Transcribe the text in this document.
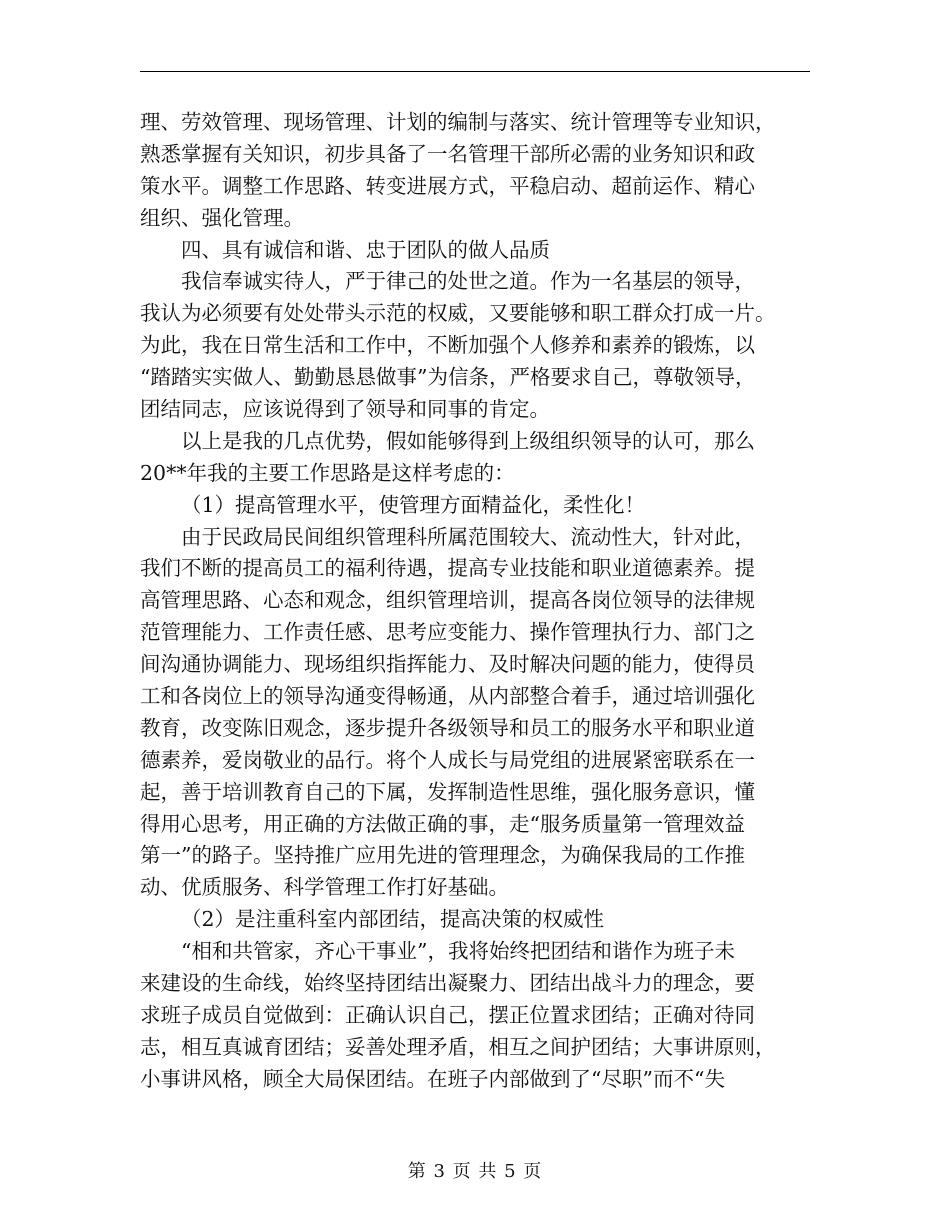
理、劳效管理、现场管理、计划的编制与落实、统计管理等专业知识，
熟悉掌握有关知识，初步具备了一名管理干部所必需的业务知识和政
策水平。调整工作思路、转变进展方式，平稳启动、超前运作、精心
组织、强化管理。
四、具有诚信和谐、忠于团队的做人品质
我信奉诚实待人，严于律己的处世之道。作为一名基层的领导，
我认为必须要有处处带头示范的权威，又要能够和职工群众打成一片。
为此，我在日常生活和工作中，不断加强个人修养和素养的锻炼，以
“踏踏实实做人、勤勤恳恳做事”为信条，严格要求自己，尊敬领导，
团结同志，应该说得到了领导和同事的肯定。
以上是我的几点优势，假如能够得到上级组织领导的认可，那么
20**年我的主要工作思路是这样考虑的：
（1）提高管理水平，使管理方面精益化，柔性化！
由于民政局民间组织管理科所属范围较大、流动性大，针对此，
我们不断的提高员工的福利待遇，提高专业技能和职业道德素养。提
高管理思路、心态和观念，组织管理培训，提高各岗位领导的法律规
范管理能力、工作责任感、思考应变能力、操作管理执行力、部门之
间沟通协调能力、现场组织指挥能力、及时解决问题的能力，使得员
工和各岗位上的领导沟通变得畅通，从内部整合着手，通过培训强化
教育，改变陈旧观念，逐步提升各级领导和员工的服务水平和职业道
德素养，爱岗敬业的品行。将个人成长与局党组的进展紧密联系在一
起，善于培训教育自己的下属，发挥制造性思维，强化服务意识，懂
得用心思考，用正确的方法做正确的事，走“服务质量第一管理效益
第一”的路子。坚持推广应用先进的管理理念，为确保我局的工作推
动、优质服务、科学管理工作打好基础。
（2）是注重科室内部团结，提高决策的权威性
“相和共管家，齐心干事业”，我将始终把团结和谐作为班子未
来建设的生命线，始终坚持团结出凝聚力、团结出战斗力的理念，要
求班子成员自觉做到：正确认识自己，摆正位置求团结；正确对待同
志，相互真诚育团结；妥善处理矛盾，相互之间护团结；大事讲原则，
小事讲风格，顾全大局保团结。在班子内部做到了“尽职”而不“失
第 3 页 共 5 页
